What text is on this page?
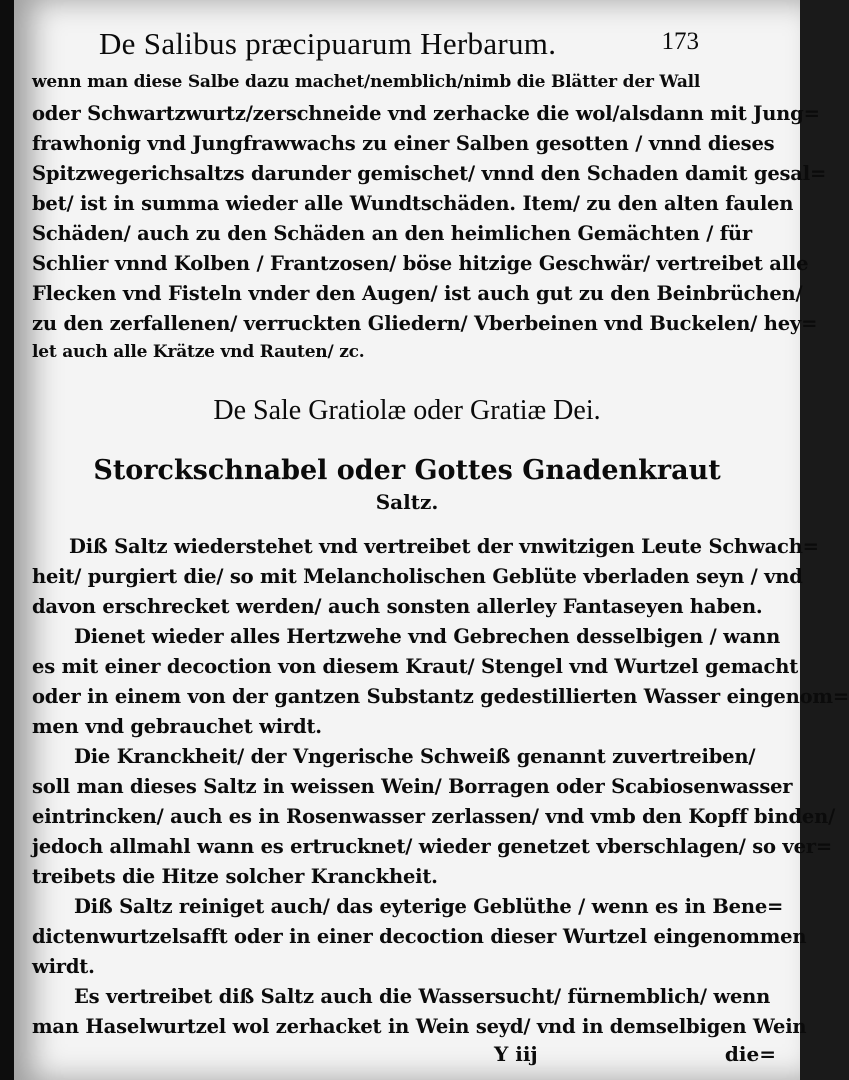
De Salibus præcipuarum Herbarum.	173
wenn man diese Salbe dazu machet/nemblich/nimb die Blätter der Wall
oder Schwartzwurtz/zerschneide vnd zerhacke die wol/alsdann mit Jung=
frawhonig vnd Jungfrawwachs zu einer Salben gesotten / vnnd dieses
Spitzwegerichsaltzs darunder gemischet/ vnnd den Schaden damit gesal=
bet/ ist in summa wieder alle Wundtschäden. Item/ zu den alten faulen
Schäden/ auch zu den Schäden an den heimlichen Gemächten / für
Schlier vnnd Kolben / Frantzosen/ böse hitzige Geschwär/ vertreibet alle
Flecken vnd Fisteln vnder den Augen/ ist auch gut zu den Beinbrüchen/
zu den zerfallenen/ verruckten Gliedern/ Vberbeinen vnd Buckelen/ hey=
let auch alle Krätze vnd Rauten/ zc.
De Sale Gratiolæ oder Gratiæ Dei.
Storckschnabel oder Gottes Gnadenkraut
Saltz.
Diß Saltz wiederstehet vnd vertreibet der vnwitzigen Leute Schwach=
heit/ purgiert die/ so mit Melancholischen Geblüte vberladen seyn / vnd
davon erschrecket werden/ auch sonsten allerley Fantaseyen haben.
Dienet wieder alles Hertzwehe vnd Gebrechen desselbigen / wann
es mit einer decoction von diesem Kraut/ Stengel vnd Wurtzel gemacht
oder in einem von der gantzen Substantz gedestillierten Wasser eingenom=
men vnd gebrauchet wirdt.
Die Kranckheit/ der Vngerische Schweiß genannt zuvertreiben/
soll man dieses Saltz in weissen Wein/ Borragen oder Scabiosenwasser
eintrincken/ auch es in Rosenwasser zerlassen/ vnd vmb den Kopff binden/
jedoch allmahl wann es ertrucknet/ wieder genetzet vberschlagen/ so ver=
treibets die Hitze solcher Kranckheit.
Diß Saltz reiniget auch/ das eyterige Geblüthe / wenn es in Bene=
dictenwurtzelsafft oder in einer decoction dieser Wurtzel eingenommen
wirdt.
Es vertreibet diß Saltz auch die Wassersucht/ fürnemblich/ wenn
man Haselwurtzel wol zerhacket in Wein seyd/ vnd in demselbigen Wein
Y iij	die=
